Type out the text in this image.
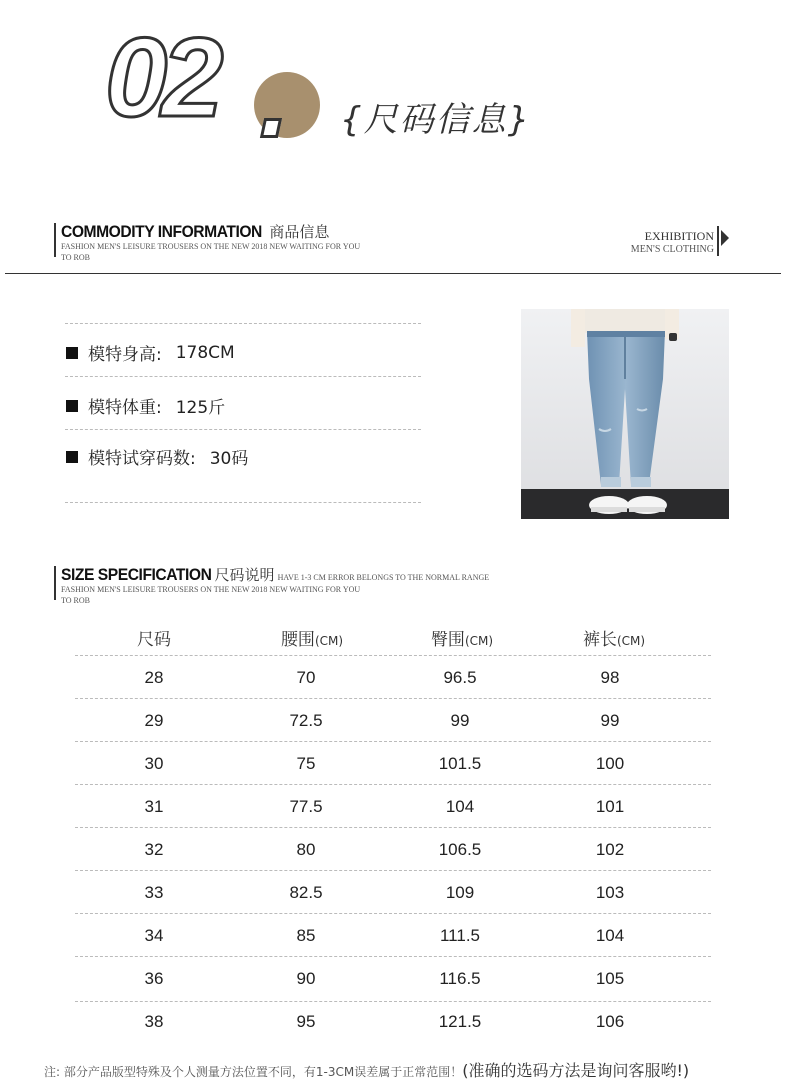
02	{尺码信息}
COMMODITY INFORMATION 商品信息
FASHION MEN'S LEISURE TROUSERS ON THE NEW 2018 NEW WAITING FOR YOU TO ROB
EXHIBITION
MEN'S CLOTHING
模特身高: 178CM
模特体重: 125斤
模特试穿码数: 30码
SIZE SPECIFICATION 尺码说明 HAVE 1-3 CM ERROR BELONGS TO THE NORMAL RANGE
FASHION MEN'S LEISURE TROUSERS ON THE NEW 2018 NEW WAITING FOR YOU TO ROB
尺码	腰围(CM)	臀围(CM)	裤长(CM)
28	70	96.5	98
29	72.5	99	99
30	75	101.5	100
31	77.5	104	101
32	80	106.5	102
33	82.5	109	103
34	85	111.5	104
36	90	116.5	105
38	95	121.5	106
注: 部分产品版型特殊及个人测量方法位置不同，有1-3CM误差属于正常范围！(准确的选码方法是询问客服哟!)
